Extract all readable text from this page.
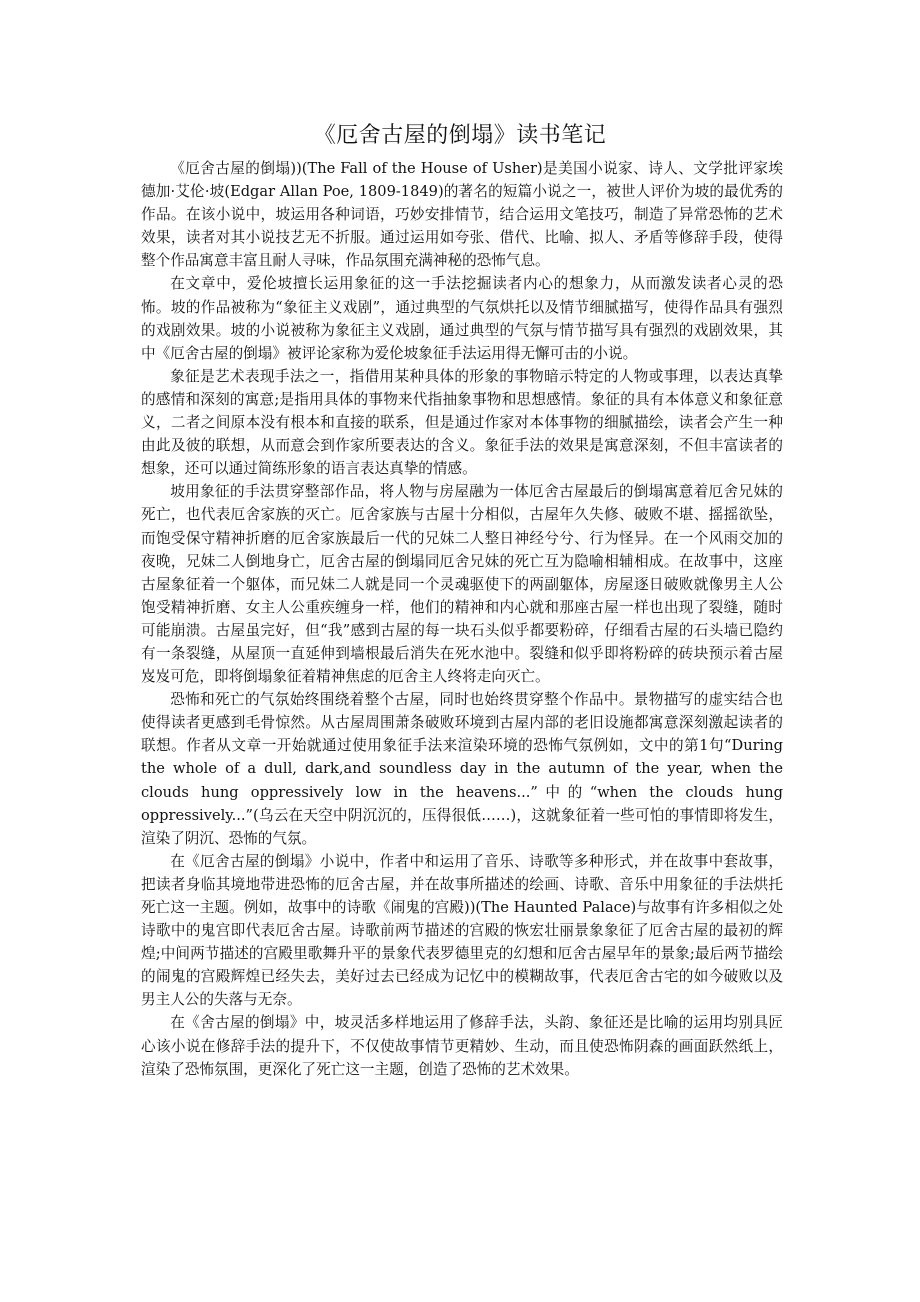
《厄舍古屋的倒塌》读书笔记

《厄舍古屋的倒塌))(The Fall of the House of Usher)是美国小说家、诗人、文学批评家埃德加·艾伦·坡(Edgar Allan Poe, 1809-1849)的著名的短篇小说之一，被世人评价为坡的最优秀的作品。在该小说中，坡运用各种词语，巧妙安排情节，结合运用文笔技巧，制造了异常恐怖的艺术效果，读者对其小说技艺无不折服。通过运用如夸张、借代、比喻、拟人、矛盾等修辞手段，使得整个作品寓意丰富且耐人寻味，作品氛围充满神秘的恐怖气息。

在文章中，爱伦坡擅长运用象征的这一手法挖掘读者内心的想象力，从而激发读者心灵的恐怖。坡的作品被称为“象征主义戏剧”，通过典型的气氛烘托以及情节细腻描写，使得作品具有强烈的戏剧效果。坡的小说被称为象征主义戏剧，通过典型的气氛与情节描写具有强烈的戏剧效果，其中《厄舍古屋的倒塌》被评论家称为爱伦坡象征手法运用得无懈可击的小说。

象征是艺术表现手法之一，指借用某种具体的形象的事物暗示特定的人物或事理，以表达真挚的感情和深刻的寓意;是指用具体的事物来代指抽象事物和思想感情。象征的具有本体意义和象征意义，二者之间原本没有根本和直接的联系，但是通过作家对本体事物的细腻描绘，读者会产生一种由此及彼的联想，从而意会到作家所要表达的含义。象征手法的效果是寓意深刻，不但丰富读者的想象，还可以通过简练形象的语言表达真挚的情感。

坡用象征的手法贯穿整部作品，将人物与房屋融为一体厄舍古屋最后的倒塌寓意着厄舍兄妹的死亡，也代表厄舍家族的灭亡。厄舍家族与古屋十分相似，古屋年久失修、破败不堪、摇摇欲坠，而饱受保守精神折磨的厄舍家族最后一代的兄妹二人整日神经兮兮、行为怪异。在一个风雨交加的夜晚，兄妹二人倒地身亡，厄舍古屋的倒塌同厄舍兄妹的死亡互为隐喻相辅相成。在故事中，这座古屋象征着一个躯体，而兄妹二人就是同一个灵魂驱使下的两副躯体，房屋逐日破败就像男主人公饱受精神折磨、女主人公重疾缠身一样，他们的精神和内心就和那座古屋一样也出现了裂缝，随时可能崩溃。古屋虽完好，但“我”感到古屋的每一块石头似乎都要粉碎，仔细看古屋的石头墙已隐约有一条裂缝，从屋顶一直延伸到墙根最后消失在死水池中。裂缝和似乎即将粉碎的砖块预示着古屋岌岌可危，即将倒塌象征着精神焦虑的厄舍主人终将走向灭亡。

恐怖和死亡的气氛始终围绕着整个古屋，同时也始终贯穿整个作品中。景物描写的虚实结合也使得读者更感到毛骨惊然。从古屋周围萧条破败环境到古屋内部的老旧设施都寓意深刻激起读者的联想。作者从文章一开始就通过使用象征手法来渲染环境的恐怖气氛例如，文中的第1句“During the whole of a dull, dark,and soundless day in the autumn of the year, when the clouds hung oppressively low in the heavens...”中的“when the clouds hung oppressively...”(乌云在天空中阴沉沉的，压得很低……)，这就象征着一些可怕的事情即将发生，渲染了阴沉、恐怖的气氛。

在《厄舍古屋的倒塌》小说中，作者中和运用了音乐、诗歌等多种形式，并在故事中套故事，把读者身临其境地带进恐怖的厄舍古屋，并在故事所描述的绘画、诗歌、音乐中用象征的手法烘托死亡这一主题。例如，故事中的诗歌《闹鬼的宫殿))(The Haunted Palace)与故事有许多相似之处诗歌中的鬼宫即代表厄舍古屋。诗歌前两节描述的宫殿的恢宏壮丽景象象征了厄舍古屋的最初的辉煌;中间两节描述的宫殿里歌舞升平的景象代表罗德里克的幻想和厄舍古屋早年的景象;最后两节描绘的闹鬼的宫殿辉煌已经失去，美好过去已经成为记忆中的模糊故事，代表厄舍古宅的如今破败以及男主人公的失落与无奈。

在《舍古屋的倒塌》中，坡灵活多样地运用了修辞手法，头韵、象征还是比喻的运用均别具匠心该小说在修辞手法的提升下，不仅使故事情节更精妙、生动，而且使恐怖阴森的画面跃然纸上，渲染了恐怖氛围，更深化了死亡这一主题，创造了恐怖的艺术效果。
